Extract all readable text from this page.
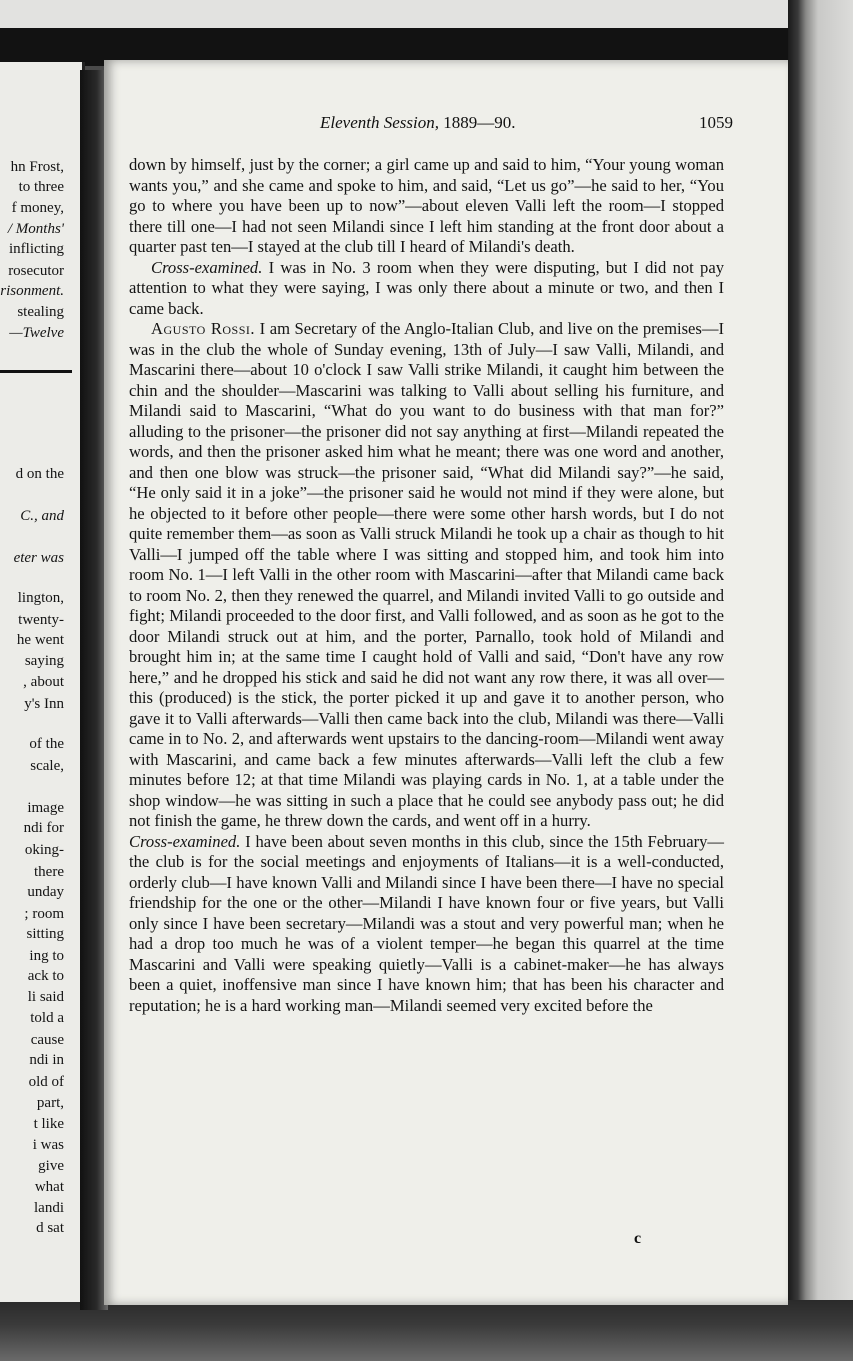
hn Frost,
to three
f money,
/ Months'
inflicting
rosecutor
risonment.
stealing
—Twelve
d on the
C., and
eter was
lington,
twenty-
he went
saying
, about
y's Inn
of the
scale,
image
ndi for
oking-
there
unday
; room
sitting
ing to
ack to
li said
told a
cause
ndi in
old of
part,
t like
i was
give
what
landi
d sat
Eleventh Session, 1889—90.	1059

down by himself, just by the corner; a girl came up and said to him, “Your young woman wants you,” and she came and spoke to him, and said, “Let us go”—he said to her, “You go to where you have been up to now”—about eleven Valli left the room—I stopped there till one—I had not seen Milandi since I left him standing at the front door about a quarter past ten—I stayed at the club till I heard of Milandi's death.

Cross-examined. I was in No. 3 room when they were disputing, but I did not pay attention to what they were saying, I was only there about a minute or two, and then I came back.

Agusto Rossi. I am Secretary of the Anglo-Italian Club, and live on the premises—I was in the club the whole of Sunday evening, 13th of July—I saw Valli, Milandi, and Mascarini there—about 10 o'clock I saw Valli strike Milandi, it caught him between the chin and the shoulder—Mascarini was talking to Valli about selling his furniture, and Milandi said to Mascarini, “What do you want to do business with that man for?” alluding to the prisoner—the prisoner did not say anything at first—Milandi repeated the words, and then the prisoner asked him what he meant; there was one word and another, and then one blow was struck—the prisoner said, “What did Milandi say?”—he said, “He only said it in a joke”—the prisoner said he would not mind if they were alone, but he objected to it before other people—there were some other harsh words, but I do not quite remember them—as soon as Valli struck Milandi he took up a chair as though to hit Valli—I jumped off the table where I was sitting and stopped him, and took him into room No. 1—I left Valli in the other room with Mascarini—after that Milandi came back to room No. 2, then they renewed the quarrel, and Milandi invited Valli to go outside and fight; Milandi proceeded to the door first, and Valli followed, and as soon as he got to the door Milandi struck out at him, and the porter, Parnallo, took hold of Milandi and brought him in; at the same time I caught hold of Valli and said, “Don't have any row here,” and he dropped his stick and said he did not want any row there, it was all over—this (produced) is the stick, the porter picked it up and gave it to another person, who gave it to Valli afterwards—Valli then came back into the club, Milandi was there—Valli came in to No. 2, and afterwards went upstairs to the dancing-room—Milandi went away with Mascarini, and came back a few minutes afterwards—Valli left the club a few minutes before 12; at that time Milandi was playing cards in No. 1, at a table under the shop window—he was sitting in such a place that he could see anybody pass out; he did not finish the game, he threw down the cards, and went off in a hurry.

Cross-examined. I have been about seven months in this club, since the 15th February—the club is for the social meetings and enjoyments of Italians—it is a well-conducted, orderly club—I have known Valli and Milandi since I have been there—I have no special friendship for the one or the other—Milandi I have known four or five years, but Valli only since I have been secretary—Milandi was a stout and very powerful man; when he had a drop too much he was of a violent temper—he began this quarrel at the time Mascarini and Valli were speaking quietly—Valli is a cabinet-maker—he has always been a quiet, inoffensive man since I have known him; that has been his character and reputation; he is a hard working man—Milandi seemed very excited before the

c
